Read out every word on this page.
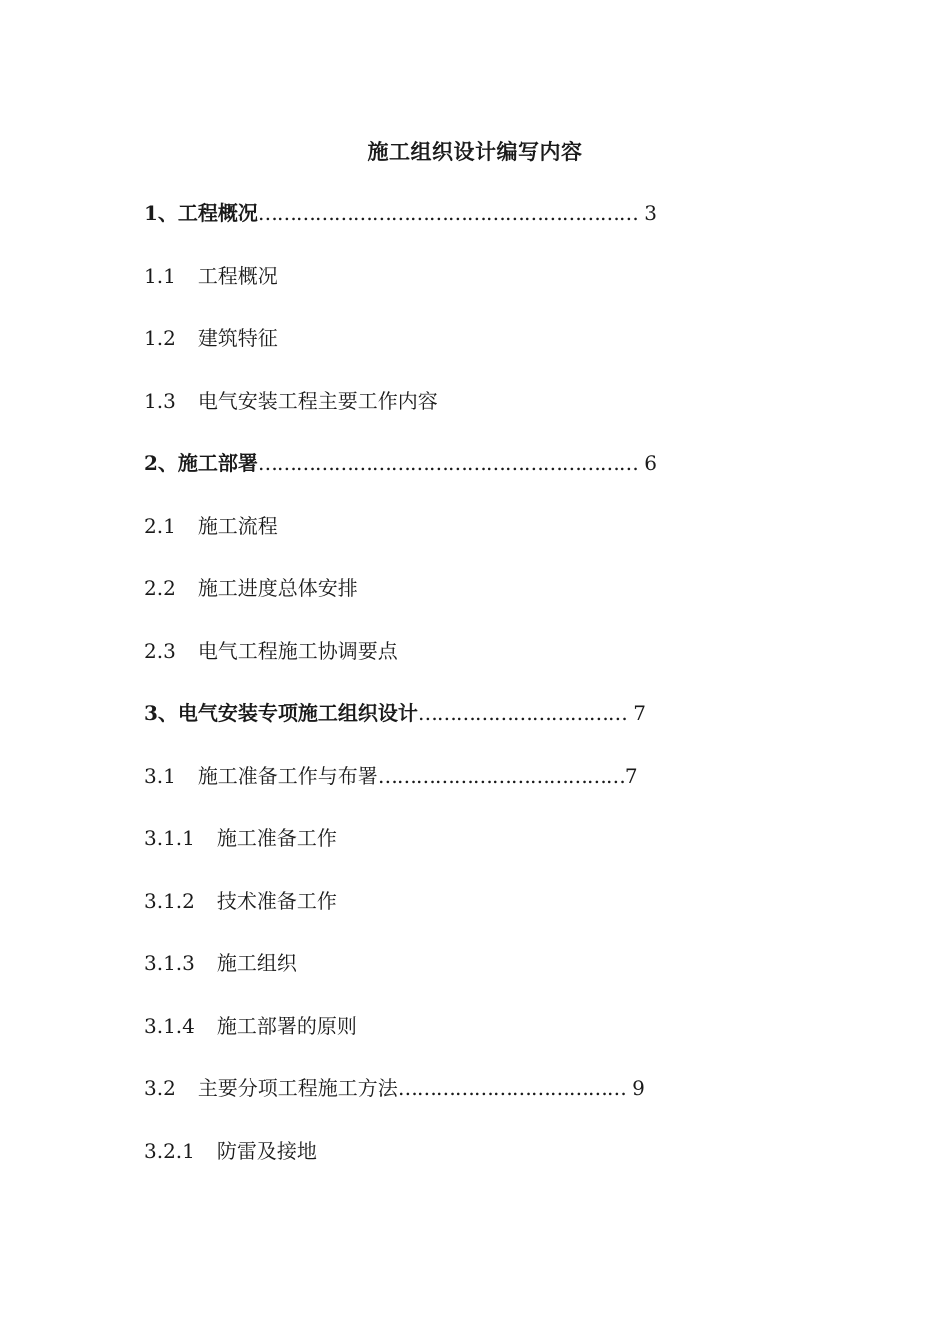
施工组织设计编写内容
1、工程概况…………………………………………………… 3
1.1 工程概况
1.2 建筑特征
1.3 电气安装工程主要工作内容
2、施工部署…………………………………………………… 6
2.1 施工流程
2.2 施工进度总体安排
2.3 电气工程施工协调要点
3、电气安装专项施工组织设计…………………………… 7
3.1 施工准备工作与布署…………………………………7
3.1.1 施工准备工作
3.1.2 技术准备工作
3.1.3 施工组织
3.1.4 施工部署的原则
3.2 主要分项工程施工方法……………………………… 9
3.2.1 防雷及接地
